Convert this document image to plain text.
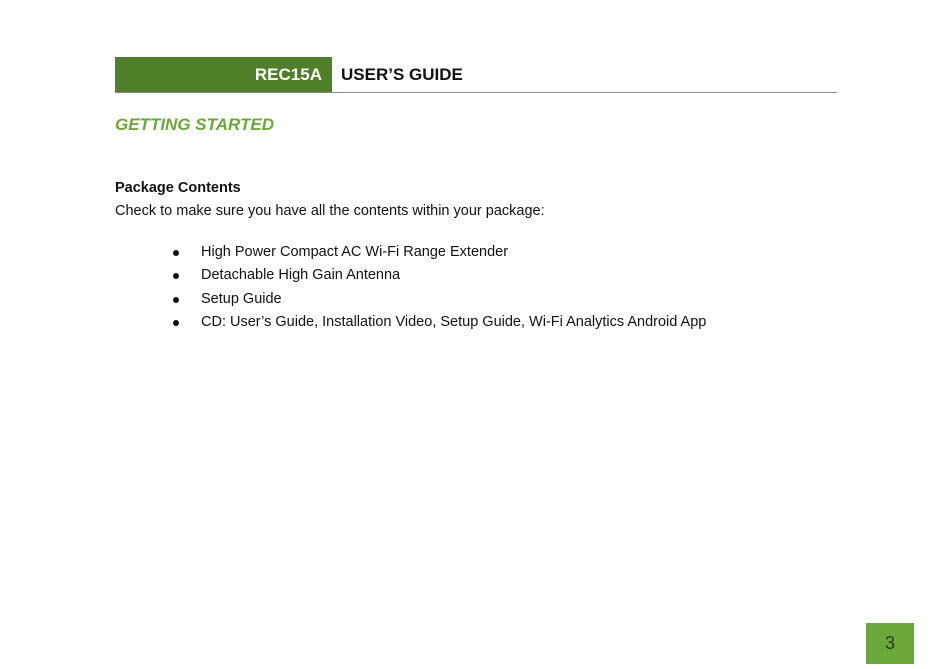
REC15A	USER’S GUIDE
GETTING STARTED
Package Contents
Check to make sure you have all the contents within your package:
High Power Compact AC Wi-Fi Range Extender
Detachable High Gain Antenna
Setup Guide
CD: User’s Guide, Installation Video, Setup Guide, Wi-Fi Analytics Android App
3
